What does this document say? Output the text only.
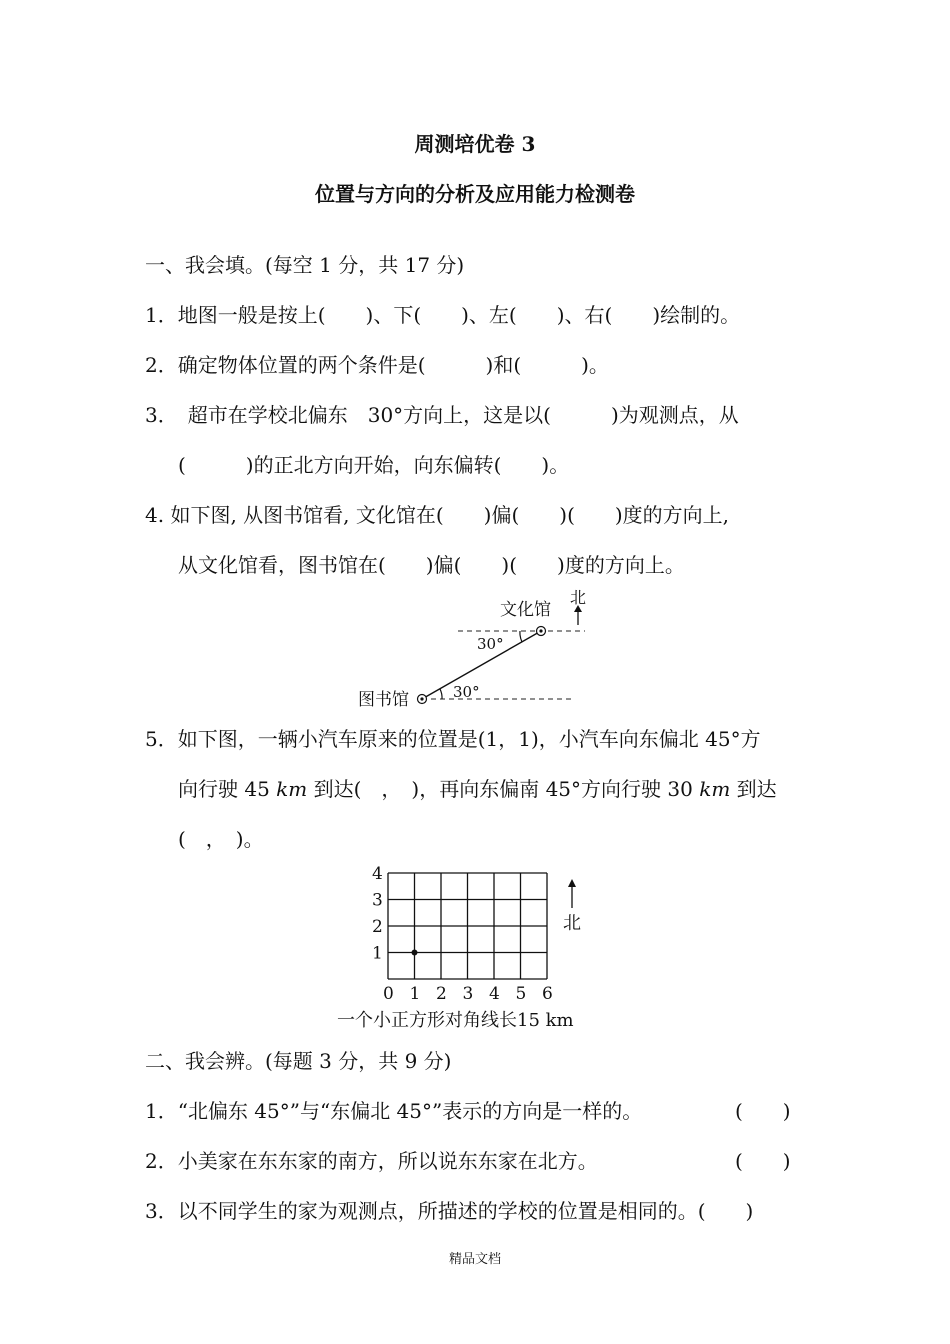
周测培优卷 3
位置与方向的分析及应用能力检测卷
一、我会填。(每空 1 分，共 17 分)
1．地图一般是按上(　　)、下(　　)、左(　　)、右(　　)绘制的。
2．确定物体位置的两个条件是(　　　)和(　　　)。
3．　超市在学校北偏东　30°方向上，这是以(　　　)为观测点，从
(　　　)的正北方向开始，向东偏转(　　)。
4. 如下图, 从图书馆看, 文化馆在(　　)偏(　　)(　　)度的方向上,
从文化馆看，图书馆在(　　)偏(　　)(　　)度的方向上。
北
文化馆
图书馆
30°
30°
5．如下图，一辆小汽车原来的位置是(1，1)，小汽车向东偏北 45°方
向行驶 45 km 到达(　，　)，再向东偏南 45°方向行驶 30 km 到达
(　，　)。
0 1 2 3 4 5 6
1
2
3
4
北
一个小正方形对角线长15 km
二、我会辨。(每题 3 分，共 9 分)
1．“北偏东 45°”与“东偏北 45°”表示的方向是一样的。	(　　)
2．小美家在东东家的南方，所以说东东家在北方。	(　　)
3．以不同学生的家为观测点，所描述的学校的位置是相同的。(　　)
精品文档
